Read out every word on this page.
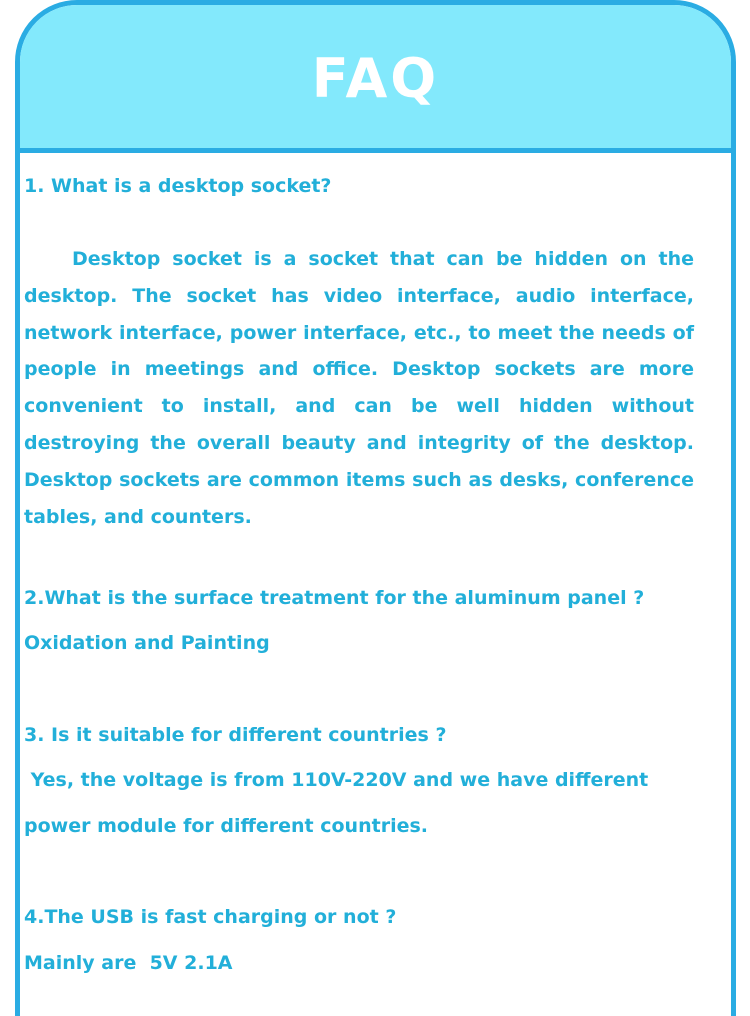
FAQ

1. What is a desktop socket?

Desktop socket is a socket that can be hidden on the desktop. The socket has video interface, audio interface, network interface, power interface, etc., to meet the needs of people in meetings and office. Desktop sockets are more convenient to install, and can be well hidden without destroying the overall beauty and integrity of the desktop. Desktop sockets are common items such as desks, conference tables, and counters.

2.What is the surface treatment for the aluminum panel ?

Oxidation and Painting

3. Is it suitable for different countries ?

Yes, the voltage is from 110V-220V and we have different

power module for different countries.

4.The USB is fast charging or not ?

Mainly are  5V 2.1A
